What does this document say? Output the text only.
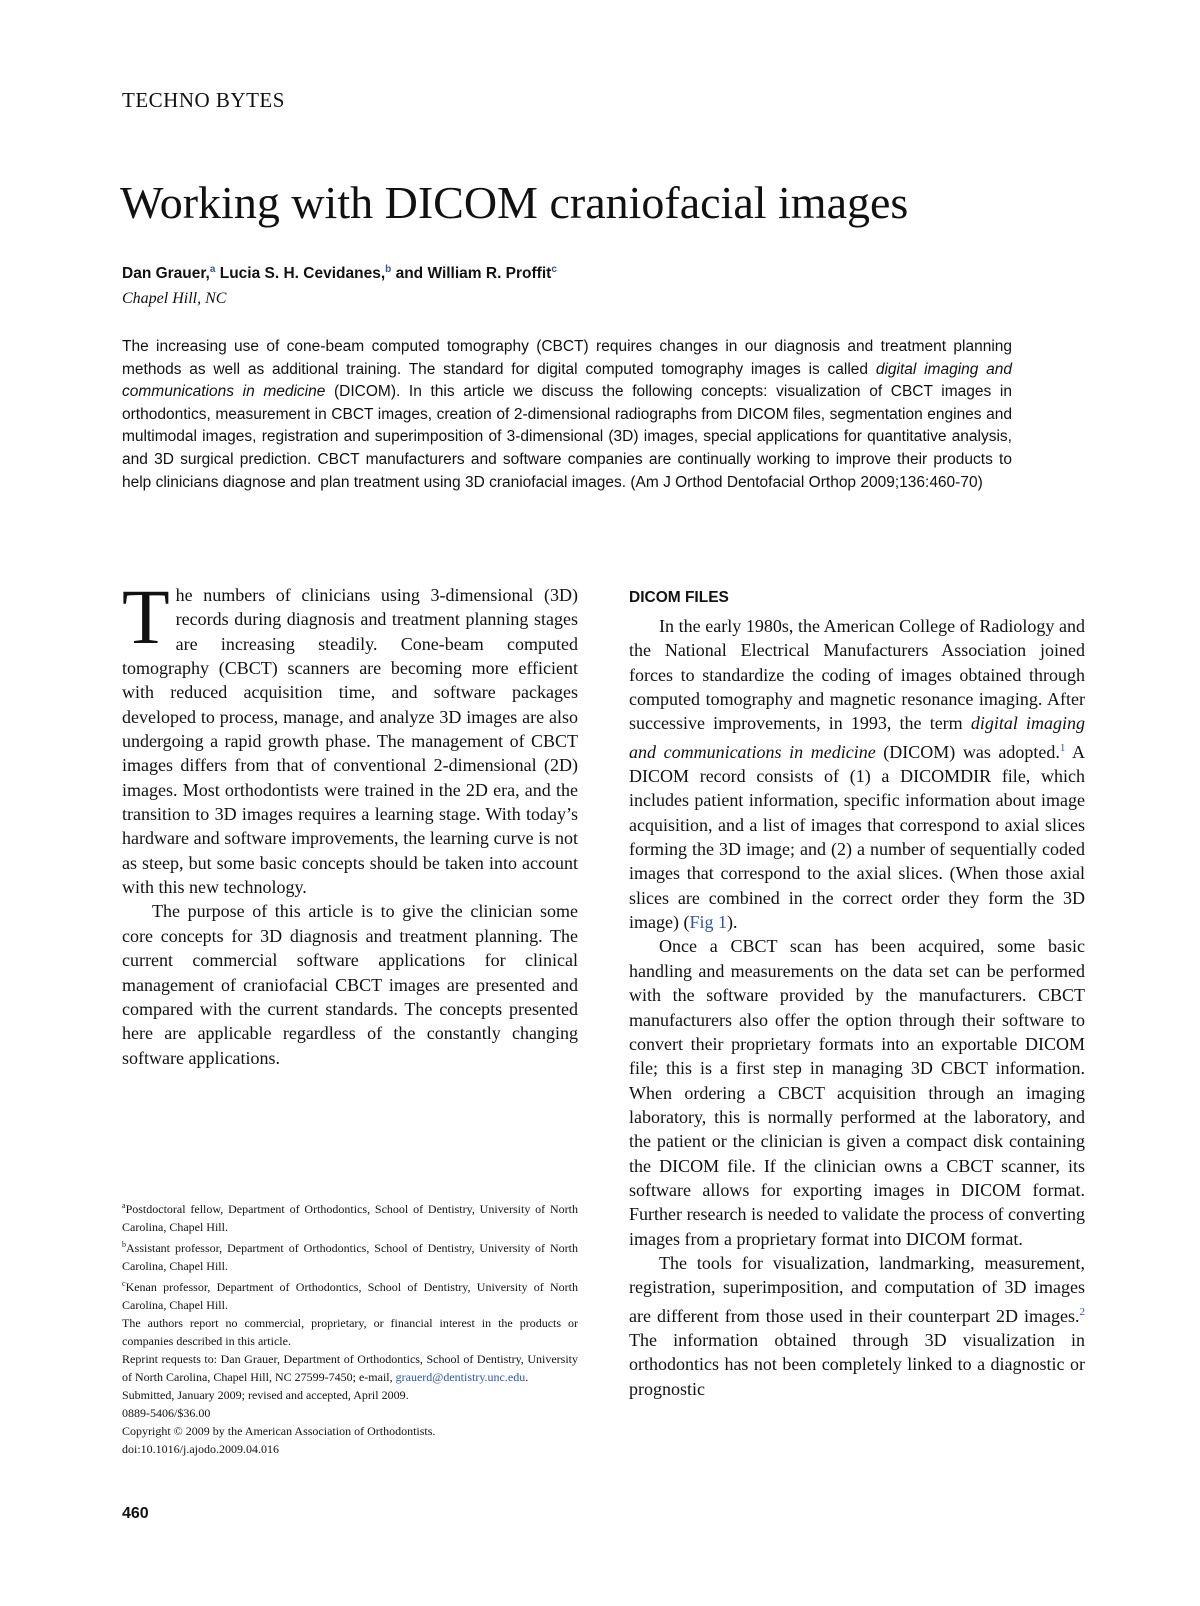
TECHNO BYTES
Working with DICOM craniofacial images
Dan Grauer,$^a$ Lucia S. H. Cevidanes,$^b$ and William R. Proffit$^c$
Chapel Hill, NC

The increasing use of cone-beam computed tomography (CBCT) requires changes in our diagnosis and treatment planning methods as well as additional training. The standard for digital computed tomography images is called digital imaging and communications in medicine (DICOM). In this article we discuss the following concepts: visualization of CBCT images in orthodontics, measurement in CBCT images, creation of 2-dimensional radiographs from DICOM files, segmentation engines and multimodal images, registration and superimposition of 3-dimensional (3D) images, special applications for quantitative analysis, and 3D surgical prediction. CBCT manufacturers and software companies are continually working to improve their products to help clinicians diagnose and plan treatment using 3D craniofacial images. (Am J Orthod Dentofacial Orthop 2009;136:460-70)

The numbers of clinicians using 3-dimensional (3D) records during diagnosis and treatment planning stages are increasing steadily. Cone-beam computed tomography (CBCT) scanners are becoming more efficient with reduced acquisition time, and software packages developed to process, manage, and analyze 3D images are also undergoing a rapid growth phase. The management of CBCT images differs from that of conventional 2-dimensional (2D) images. Most orthodontists were trained in the 2D era, and the transition to 3D images requires a learning stage. With today’s hardware and software improvements, the learning curve is not as steep, but some basic concepts should be taken into account with this new technology.

The purpose of this article is to give the clinician some core concepts for 3D diagnosis and treatment planning. The current commercial software applications for clinical management of craniofacial CBCT images are presented and compared with the current standards. The concepts presented here are applicable regardless of the constantly changing software applications.

$^a$Postdoctoral fellow, Department of Orthodontics, School of Dentistry, University of North Carolina, Chapel Hill.

$^b$Assistant professor, Department of Orthodontics, School of Dentistry, University of North Carolina, Chapel Hill.

$^c$Kenan professor, Department of Orthodontics, School of Dentistry, University of North Carolina, Chapel Hill.

The authors report no commercial, proprietary, or financial interest in the products or companies described in this article.

Reprint requests to: Dan Grauer, Department of Orthodontics, School of Dentistry, University of North Carolina, Chapel Hill, NC 27599-7450; e-mail, grauerd@dentistry.unc.edu.

Submitted, January 2009; revised and accepted, April 2009.

0889-5406/$36.00

Copyright © 2009 by the American Association of Orthodontists.

doi:10.1016/j.ajodo.2009.04.016

DICOM FILES

In the early 1980s, the American College of Radiology and the National Electrical Manufacturers Association joined forces to standardize the coding of images obtained through computed tomography and magnetic resonance imaging. After successive improvements, in 1993, the term digital imaging and communications in medicine (DICOM) was adopted.$^1$ A DICOM record consists of (1) a DICOMDIR file, which includes patient information, specific information about image acquisition, and a list of images that correspond to axial slices forming the 3D image; and (2) a number of sequentially coded images that correspond to the axial slices. (When those axial slices are combined in the correct order they form the 3D image) (Fig 1).

Once a CBCT scan has been acquired, some basic handling and measurements on the data set can be performed with the software provided by the manufacturers. CBCT manufacturers also offer the option through their software to convert their proprietary formats into an exportable DICOM file; this is a first step in managing 3D CBCT information. When ordering a CBCT acquisition through an imaging laboratory, this is normally performed at the laboratory, and the patient or the clinician is given a compact disk containing the DICOM file. If the clinician owns a CBCT scanner, its software allows for exporting images in DICOM format. Further research is needed to validate the process of converting images from a proprietary format into DICOM format.

The tools for visualization, landmarking, measurement, registration, superimposition, and computation of 3D images are different from those used in their counterpart 2D images.$^2$ The information obtained through 3D visualization in orthodontics has not been completely linked to a diagnostic or prognostic

460
